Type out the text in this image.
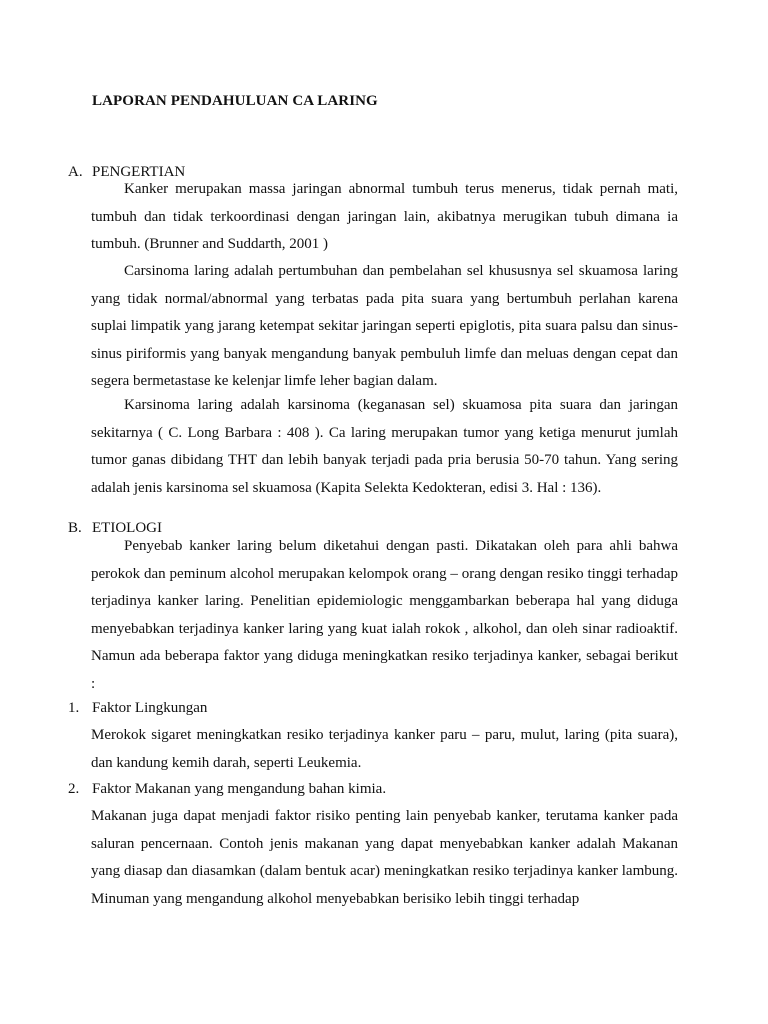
LAPORAN PENDAHULUAN CA LARING
A. PENGERTIAN
Kanker merupakan massa jaringan abnormal tumbuh terus menerus, tidak pernah mati, tumbuh dan tidak terkoordinasi dengan jaringan lain, akibatnya merugikan tubuh dimana ia tumbuh. (Brunner and Suddarth, 2001 )
Carsinoma laring adalah pertumbuhan dan pembelahan sel khususnya sel skuamosa laring yang tidak normal/abnormal yang terbatas pada pita suara yang bertumbuh perlahan karena suplai limpatik yang jarang ketempat sekitar jaringan seperti epiglotis, pita suara palsu dan sinus-sinus piriformis yang banyak mengandung banyak pembuluh limfe dan meluas dengan cepat dan segera bermetastase ke kelenjar limfe leher bagian dalam.
Karsinoma laring adalah karsinoma (keganasan sel) skuamosa pita suara dan jaringan sekitarnya ( C. Long Barbara : 408 ). Ca laring merupakan tumor yang ketiga menurut jumlah tumor ganas dibidang THT dan lebih banyak terjadi pada pria berusia 50-70 tahun. Yang sering adalah jenis karsinoma sel skuamosa (Kapita Selekta Kedokteran, edisi 3. Hal : 136).
B. ETIOLOGI
Penyebab kanker laring belum diketahui dengan pasti. Dikatakan oleh para ahli bahwa perokok dan peminum alcohol merupakan kelompok orang – orang dengan resiko tinggi terhadap terjadinya kanker laring. Penelitian epidemiologic menggambarkan beberapa hal yang diduga menyebabkan terjadinya kanker laring yang kuat ialah rokok , alkohol, dan oleh sinar radioaktif. Namun ada beberapa faktor yang diduga meningkatkan resiko terjadinya kanker, sebagai berikut :
1. Faktor Lingkungan
Merokok sigaret meningkatkan resiko terjadinya kanker paru – paru, mulut, laring (pita suara), dan kandung kemih darah, seperti Leukemia.
2. Faktor Makanan yang mengandung bahan kimia.
Makanan juga dapat menjadi faktor risiko penting lain penyebab kanker, terutama kanker pada saluran pencernaan. Contoh jenis makanan yang dapat menyebabkan kanker adalah Makanan yang diasap dan diasamkan (dalam bentuk acar) meningkatkan resiko terjadinya kanker lambung. Minuman yang mengandung alkohol menyebabkan berisiko lebih tinggi terhadap
